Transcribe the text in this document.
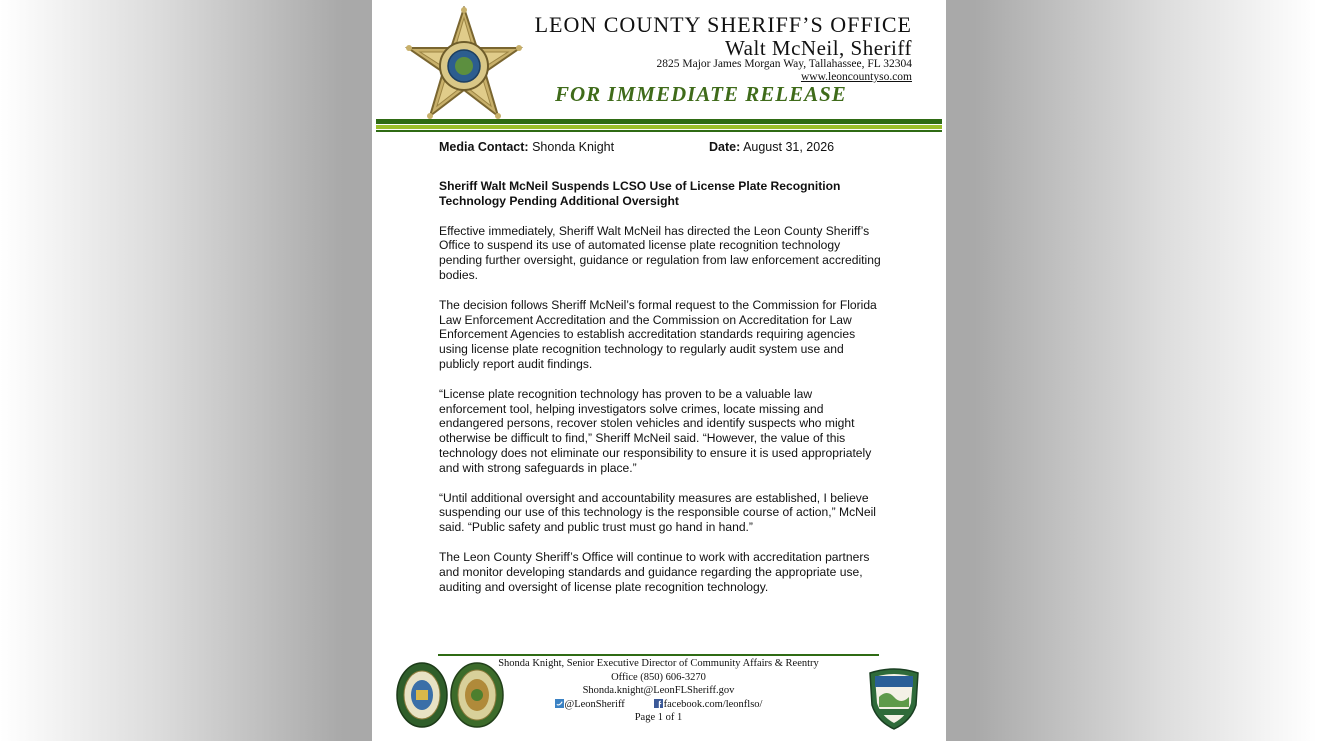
LEON COUNTY SHERIFF’S OFFICE
Walt McNeil, Sheriff
2825 Major James Morgan Way, Tallahassee, FL 32304
www.leoncountyso.com
FOR IMMEDIATE RELEASE
Media Contact: Shonda Knight	Date: August 31, 2026

Sheriff Walt McNeil Suspends LCSO Use of License Plate Recognition Technology Pending Additional Oversight

Effective immediately, Sheriff Walt McNeil has directed the Leon County Sheriff’s Office to suspend its use of automated license plate recognition technology pending further oversight, guidance or regulation from law enforcement accrediting bodies.

The decision follows Sheriff McNeil’s formal request to the Commission for Florida Law Enforcement Accreditation and the Commission on Accreditation for Law Enforcement Agencies to establish accreditation standards requiring agencies using license plate recognition technology to regularly audit system use and publicly report audit findings.

“License plate recognition technology has proven to be a valuable law enforcement tool, helping investigators solve crimes, locate missing and endangered persons, recover stolen vehicles and identify suspects who might otherwise be difficult to find,” Sheriff McNeil said. “However, the value of this technology does not eliminate our responsibility to ensure it is used appropriately and with strong safeguards in place.”

“Until additional oversight and accountability measures are established, I believe suspending our use of this technology is the responsible course of action,” McNeil said. “Public safety and public trust must go hand in hand.”

The Leon County Sheriff’s Office will continue to work with accreditation partners and monitor developing standards and guidance regarding the appropriate use, auditing and oversight of license plate recognition technology.

Shonda Knight, Senior Executive Director of Community Affairs & Reentry
Office (850) 606-3270
Shonda.knight@LeonFLSheriff.gov
@LeonSheriff	facebook.com/leonflso/
Page 1 of 1
